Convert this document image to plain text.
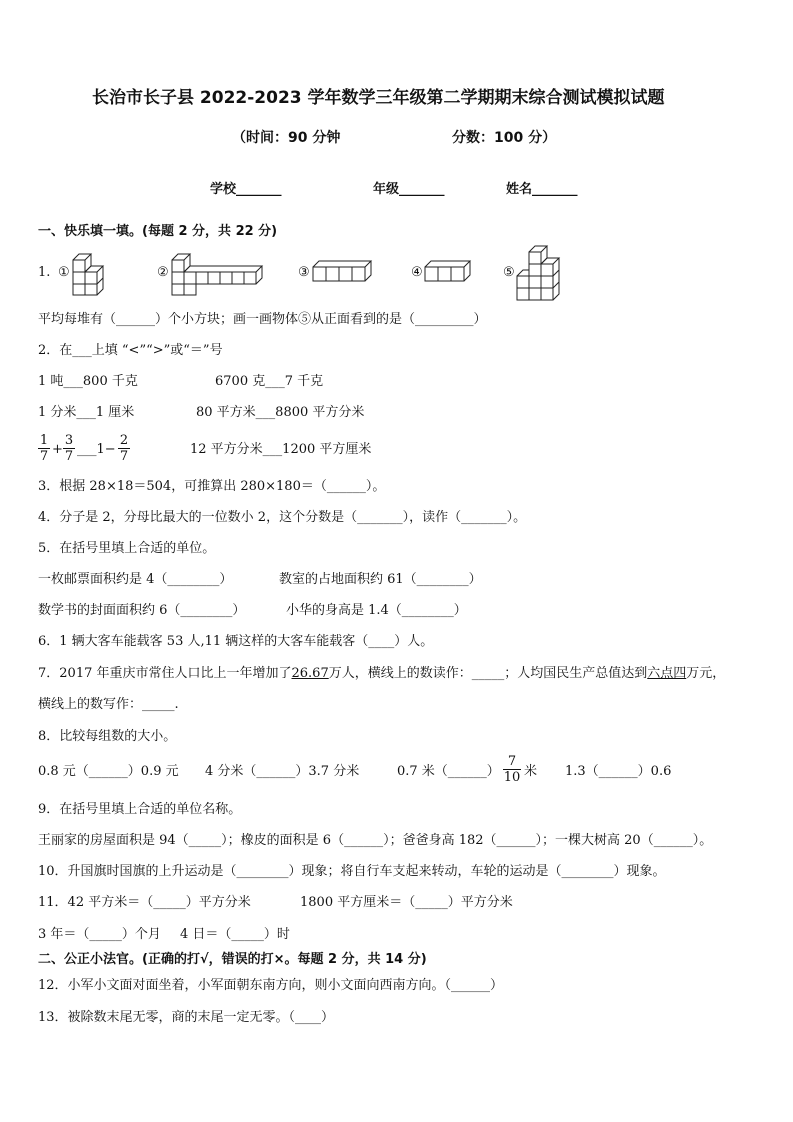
长治市长子县 2022-2023 学年数学三年级第二学期期末综合测试模拟试题
（时间：90 分钟	分数：100 分）
学校_______	年级_______	姓名_______
一、快乐填一填。(每题 2 分，共 22 分)
1. ①	②	③	④	⑤
平均每堆有（______）个小方块；画一画物体⑤从正面看到的是（_________）
2．在___上填 “<”“>”或“＝”号
1 吨___800 千克	6700 克___7 千克
1 分米___1 厘米	80 平方米___8800 平方分米
$\frac{1}{7} + \frac{3}{7}$ ___1− $\frac{2}{7}$	12 平方分米___1200 平方厘米
3．根据 28×18＝504，可推算出 280×180＝（______）。
4．分子是 2，分母比最大的一位数小 2，这个分数是（_______），读作（_______）。
5．在括号里填上合适的单位。
一枚邮票面积约是 4（________）	教室的占地面积约 61（________）
数学书的封面面积约 6（________）	小华的身高是 1.4（________）
6．1 辆大客车能载客 53 人,11 辆这样的大客车能载客（____）人。
7．2017 年重庆市常住人口比上一年增加了26.67万人，横线上的数读作：_____；人均国民生产总值达到六点四万元，
横线上的数写作：_____.
8．比较每组数的大小。
0.8 元（______）0.9 元 4 分米（______）3.7 分米	0.7 米（______） $\frac{7}{10}$ 米 1.3（______）0.6
9．在括号里填上合适的单位名称。
王丽家的房屋面积是 94（_____）；橡皮的面积是 6（______）；爸爸身高 182（______）；一棵大树高 20（______）。
10．升国旗时国旗的上升运动是（________）现象；将自行车支起来转动，车轮的运动是（________）现象。
11．42 平方米＝（_____）平方分米	1800 平方厘米＝（_____）平方分米
3 年＝（_____）个月 4 日＝（_____）时
二、公正小法官。(正确的打√，错误的打×。每题 2 分，共 14 分)
12．小军小文面对面坐着，小军面朝东南方向，则小文面向西南方向。（______）
13．被除数末尾无零，商的末尾一定无零。（____）
